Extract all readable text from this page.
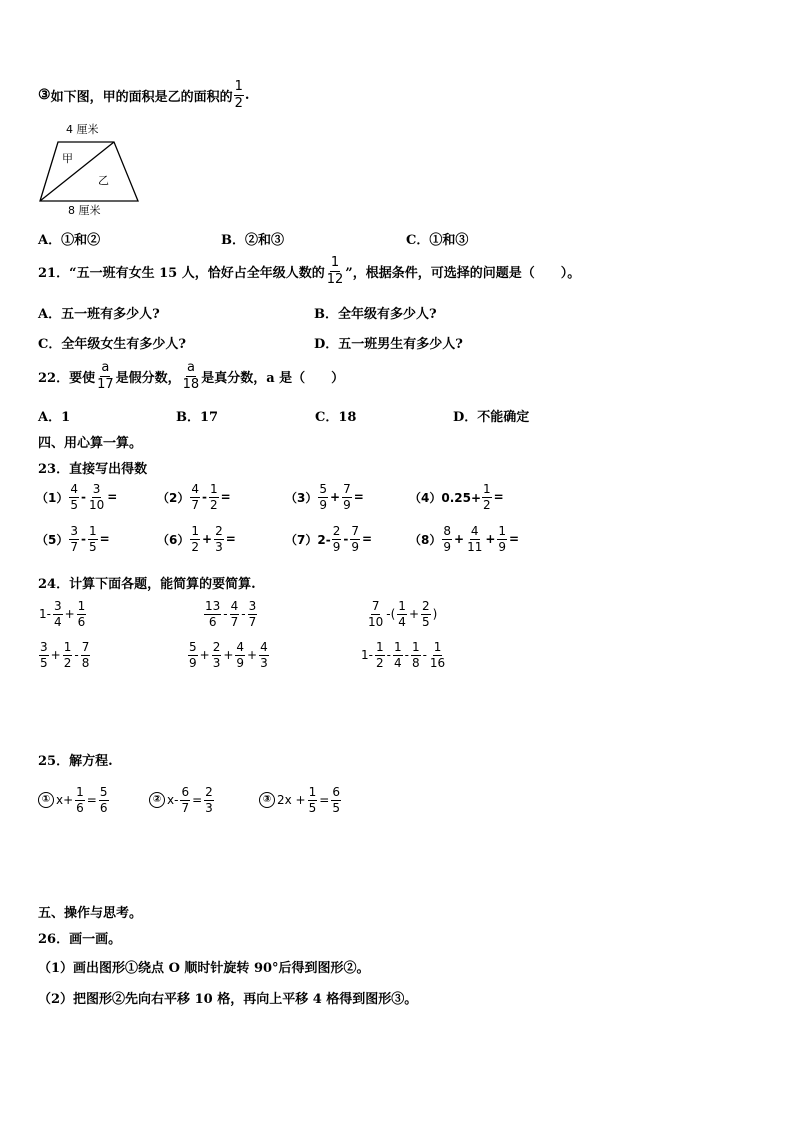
③ 如下图，甲的面积是乙的面积的 $\frac{1}{2}$ .
4 厘米
甲
乙
8 厘米
A．①和②	B．②和③	C．①和③
21．“五一班有女生 15 人，恰好占全年级人数的 $\frac{1}{12}$ ”，根据条件，可选择的问题是（　　）。
A．五一班有多少人?	B．全年级有多少人?
C．全年级女生有多少人?	D．五一班男生有多少人?
22．要使 $\frac{a}{17}$ 是假分数， $\frac{a}{18}$ 是真分数，a 是（　　）
A．1	B．17	C．18	D．不能确定
四、用心算一算。
23．直接写出得数
$(1) \frac{4}{5} - \frac{3}{10}$ =	$(2) \frac{4}{7} - \frac{1}{2}$ =	$(3) \frac{5}{9} + \frac{7}{9}$ =	$(4)0.25+ \frac{1}{2}$ =
$(5) \frac{3}{7} - \frac{1}{5}$ =	$(6) \frac{1}{2} + \frac{2}{3}$ =	$(7)2- \frac{2}{9} - \frac{7}{9}$ =	$(8) \frac{8}{9} + \frac{4}{11} + \frac{1}{9}$ =
24．计算下面各题，能简算的要简算.
$1- \frac{3}{4} + \frac{1}{6}$	$\frac{13}{6} - \frac{4}{7} - \frac{3}{7}$	$\frac{7}{10}$ -( $\frac{1}{4} + \frac{2}{5}$ )
$\frac{3}{5} + \frac{1}{2} - \frac{7}{8}$	$\frac{5}{9} + \frac{2}{3} + \frac{4}{9} + \frac{4}{3}$	$1- \frac{1}{2} - \frac{1}{4} - \frac{1}{8} - \frac{1}{16}$
25．解方程.
① $x+ \frac{1}{6} = \frac{5}{6}$	② $x- \frac{6}{7} = \frac{2}{3}$	③ $2x + \frac{1}{5} = \frac{6}{5}$
五、操作与思考。
26．画一画。
（1）画出图形①绕点 O 顺时针旋转 90°后得到图形②。
（2）把图形②先向右平移 10 格，再向上平移 4 格得到图形③。
